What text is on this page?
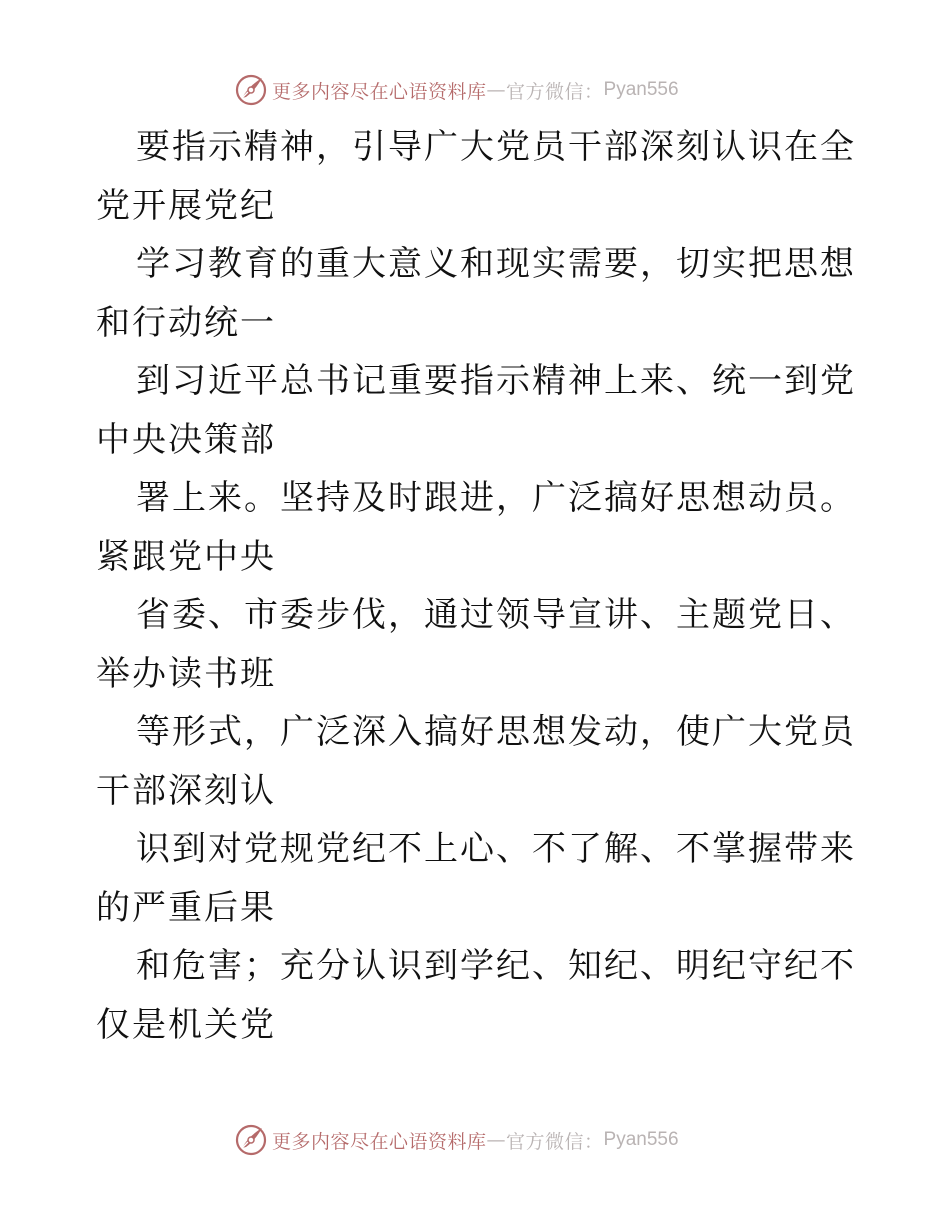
更多内容尽在心语资料库 — 官方微信： Pyan556

要指示精神，引导广大党员干部深刻认识在全党开展党纪

学习教育的重大意义和现实需要，切实把思想和行动统一

到习近平总书记重要指示精神上来、统一到党中央决策部

署上来。坚持及时跟进，广泛搞好思想动员。紧跟党中央

省委、市委步伐，通过领导宣讲、主题党日、举办读书班

等形式，广泛深入搞好思想发动，使广大党员干部深刻认

识到对党规党纪不上心、不了解、不掌握带来的严重后果

和危害；充分认识到学纪、知纪、明纪守纪不仅是机关党

更多内容尽在心语资料库 — 官方微信： Pyan556
